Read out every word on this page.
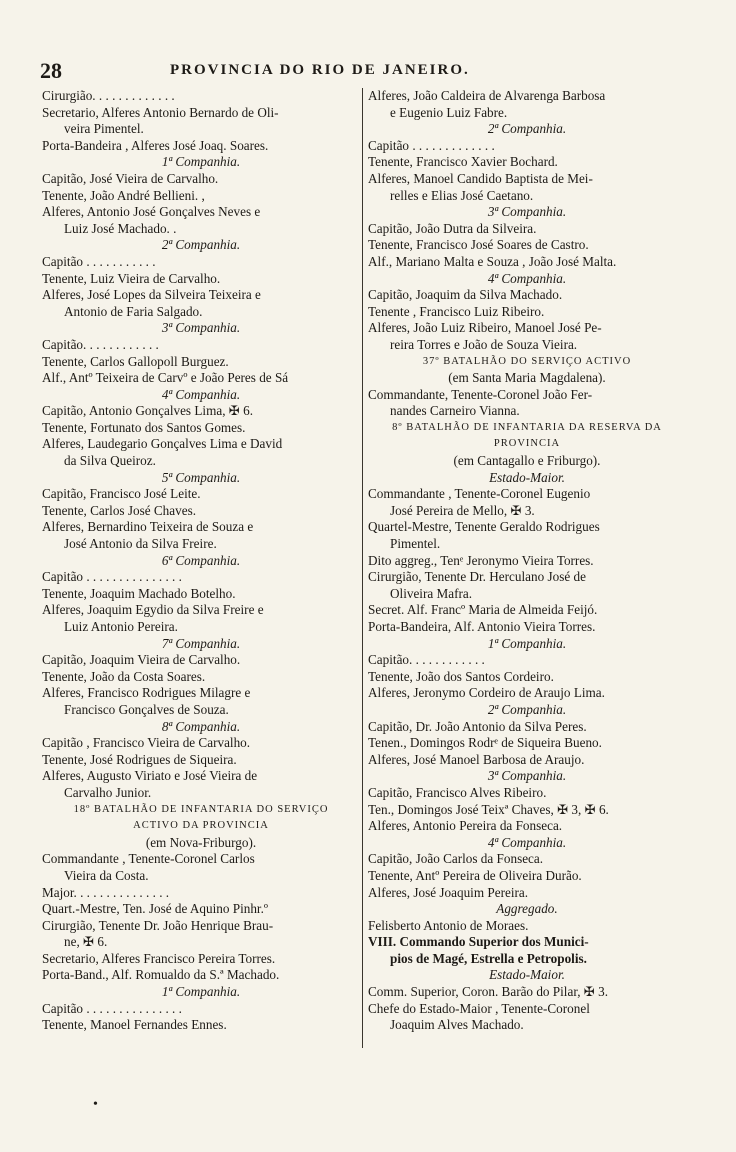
28	PROVINCIA DO RIO DE JANEIRO.
Cirurgião. . . . . . . . . . . . .
Secretario, Alferes Antonio Bernardo de Oli-
veira Pimentel.
Porta-Bandeira , Alferes José Joaq. Soares.
1ª Companhia.
Capitão, José Vieira de Carvalho.
Tenente, João André Bellieni. ,
Alferes, Antonio José Gonçalves Neves e
Luiz José Machado. .
2ª Companhia.
Capitão . . . . . . . . . . .
Tenente, Luiz Vieira de Carvalho.
Alferes, José Lopes da Silveira Teixeira e
Antonio de Faria Salgado.
3ª Companhia.
Capitão. . . . . . . . . . . .
Tenente, Carlos Gallopoll Burguez.
Alf., Antº Teixeira de Carvº e João Peres de Sá
4ª Companhia.
Capitão, Antonio Gonçalves Lima, ✠ 6.
Tenente, Fortunato dos Santos Gomes.
Alferes, Laudegario Gonçalves Lima e David
da Silva Queiroz.
5ª Companhia.
Capitão, Francisco José Leite.
Tenente, Carlos José Chaves.
Alferes, Bernardino Teixeira de Souza e
José Antonio da Silva Freire.
6ª Companhia.
Capitão . . . . . . . . . . . . . . .
Tenente, Joaquim Machado Botelho.
Alferes, Joaquim Egydio da Silva Freire e
Luiz Antonio Pereira.
7ª Companhia.
Capitão, Joaquim Vieira de Carvalho.
Tenente, João da Costa Soares.
Alferes, Francisco Rodrigues Milagre e
Francisco Gonçalves de Souza.
8ª Companhia.
Capitão , Francisco Vieira de Carvalho.
Tenente, José Rodrigues de Siqueira.
Alferes, Augusto Viriato e José Vieira de
Carvalho Junior.
18º BATALHÃO DE INFANTARIA DO SERVIÇO
ACTIVO DA PROVINCIA
(em Nova-Friburgo).
Commandante , Tenente-Coronel Carlos
Vieira da Costa.
Major. . . . . . . . . . . . . . .
Quart.-Mestre, Ten. José de Aquino Pinhr.º
Cirurgião, Tenente Dr. João Henrique Brau-
ne, ✠ 6.
Secretario, Alferes Francisco Pereira Torres.
Porta-Band., Alf. Romualdo da S.ª Machado.
1ª Companhia.
Capitão . . . . . . . . . . . . . . .
Tenente, Manoel Fernandes Ennes.
Alferes, João Caldeira de Alvarenga Barbosa
e Eugenio Luiz Fabre.
2ª Companhia.
Capitão . . . . . . . . . . . . .
Tenente, Francisco Xavier Bochard.
Alferes, Manoel Candido Baptista de Mei-
relles e Elias José Caetano.
3ª Companhia.
Capitão, João Dutra da Silveira.
Tenente, Francisco José Soares de Castro.
Alf., Mariano Malta e Souza , João José Malta.
4ª Companhia.
Capitão, Joaquim da Silva Machado.
Tenente , Francisco Luiz Ribeiro.
Alferes, João Luiz Ribeiro, Manoel José Pe-
reira Torres e João de Souza Vieira.
37º BATALHÃO DO SERVIÇO ACTIVO
(em Santa Maria Magdalena).
Commandante, Tenente-Coronel João Fer-
nandes Carneiro Vianna.
8º BATALHÃO DE INFANTARIA DA RESERVA DA
PROVINCIA
(em Cantagallo e Friburgo).
Estado-Maior.
Commandante , Tenente-Coronel Eugenio
José Pereira de Mello, ✠ 3.
Quartel-Mestre, Tenente Geraldo Rodrigues
Pimentel.
Dito aggreg., Tenᵉ Jeronymo Vieira Torres.
Cirurgião, Tenente Dr. Herculano José de
Oliveira Mafra.
Secret. Alf. Francº Maria de Almeida Feijó.
Porta-Bandeira, Alf. Antonio Vieira Torres.
1ª Companhia.
Capitão. . . . . . . . . . . .
Tenente, João dos Santos Cordeiro.
Alferes, Jeronymo Cordeiro de Araujo Lima.
2ª Companhia.
Capitão, Dr. João Antonio da Silva Peres.
Tenen., Domingos Rodrᵉ de Siqueira Bueno.
Alferes, José Manoel Barbosa de Araujo.
3ª Companhia.
Capitão, Francisco Alves Ribeiro.
Ten., Domingos José Teixª Chaves, ✠ 3, ✠ 6.
Alferes, Antonio Pereira da Fonseca.
4ª Companhia.
Capitão, João Carlos da Fonseca.
Tenente, Antº Pereira de Oliveira Durão.
Alferes, José Joaquim Pereira.
Aggregado.
Felisberto Antonio de Moraes.
VIII. Commando Superior dos Munici-
pios de Magé, Estrella e Petropolis.
Estado-Maior.
Comm. Superior, Coron. Barão do Pilar, ✠ 3.
Chefe do Estado-Maior , Tenente-Coronel
Joaquim Alves Machado.
•
